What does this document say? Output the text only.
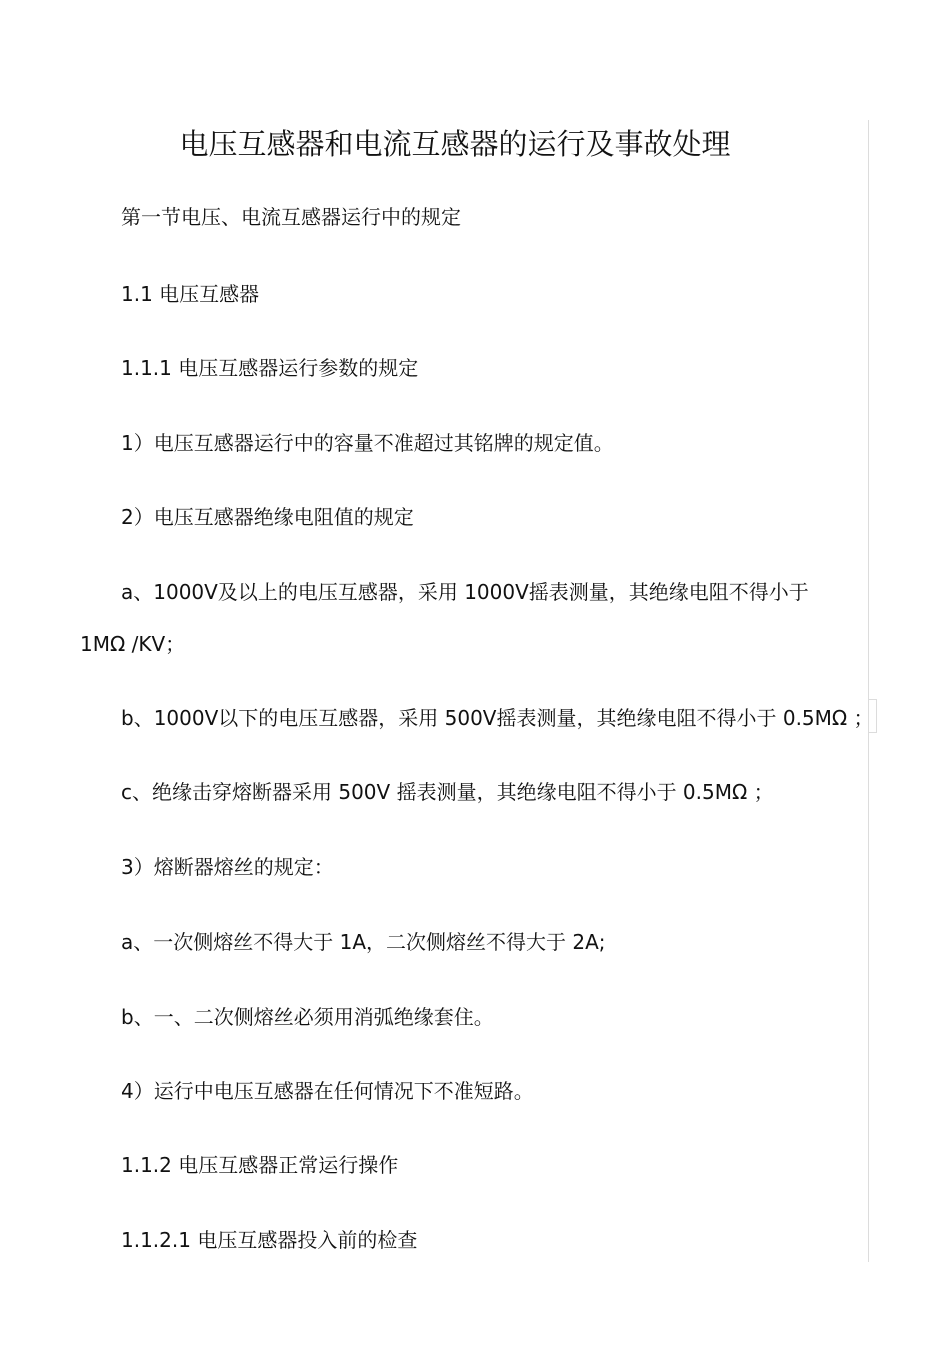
电压互感器和电流互感器的运行及事故处理
第一节电压、电流互感器运行中的规定
1.1 电压互感器
1.1.1 电压互感器运行参数的规定
1）电压互感器运行中的容量不准超过其铭牌的规定值。
2）电压互感器绝缘电阻值的规定
a、1000V及以上的电压互感器，采用 1000V摇表测量，其绝缘电阻不得小于
1MΩ /KV；
b、1000V以下的电压互感器，采用 500V摇表测量，其绝缘电阻不得小于 0.5MΩ ；
c、绝缘击穿熔断器采用 500V 摇表测量，其绝缘电阻不得小于 0.5MΩ ；
3）熔断器熔丝的规定：
a、一次侧熔丝不得大于 1A，二次侧熔丝不得大于 2A;
b、一、二次侧熔丝必须用消弧绝缘套住。
4）运行中电压互感器在任何情况下不准短路。
1.1.2 电压互感器正常运行操作
1.1.2.1 电压互感器投入前的检查
